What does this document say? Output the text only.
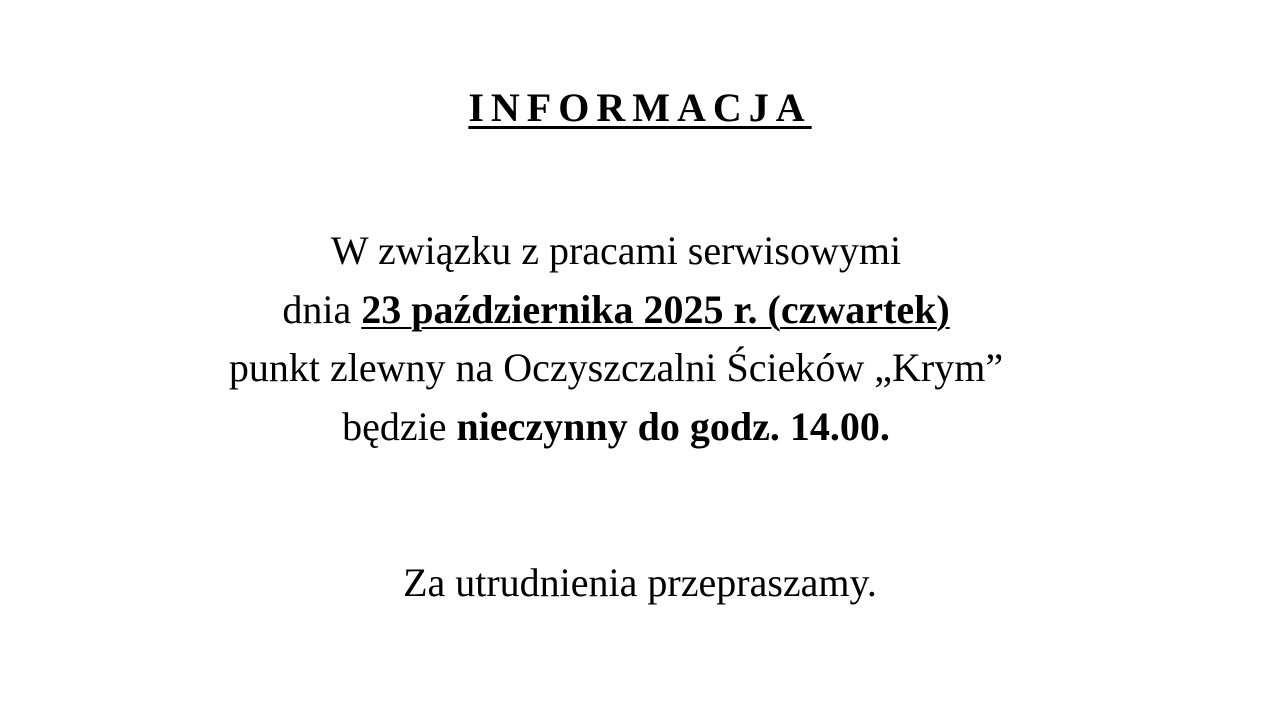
INFORMACJA
W związku z pracami serwisowymi
dnia 23 października 2025 r. (czwartek)
punkt zlewny na Oczyszczalni Ścieków „Krym”
będzie nieczynny do godz. 14.00.
Za utrudnienia przepraszamy.
